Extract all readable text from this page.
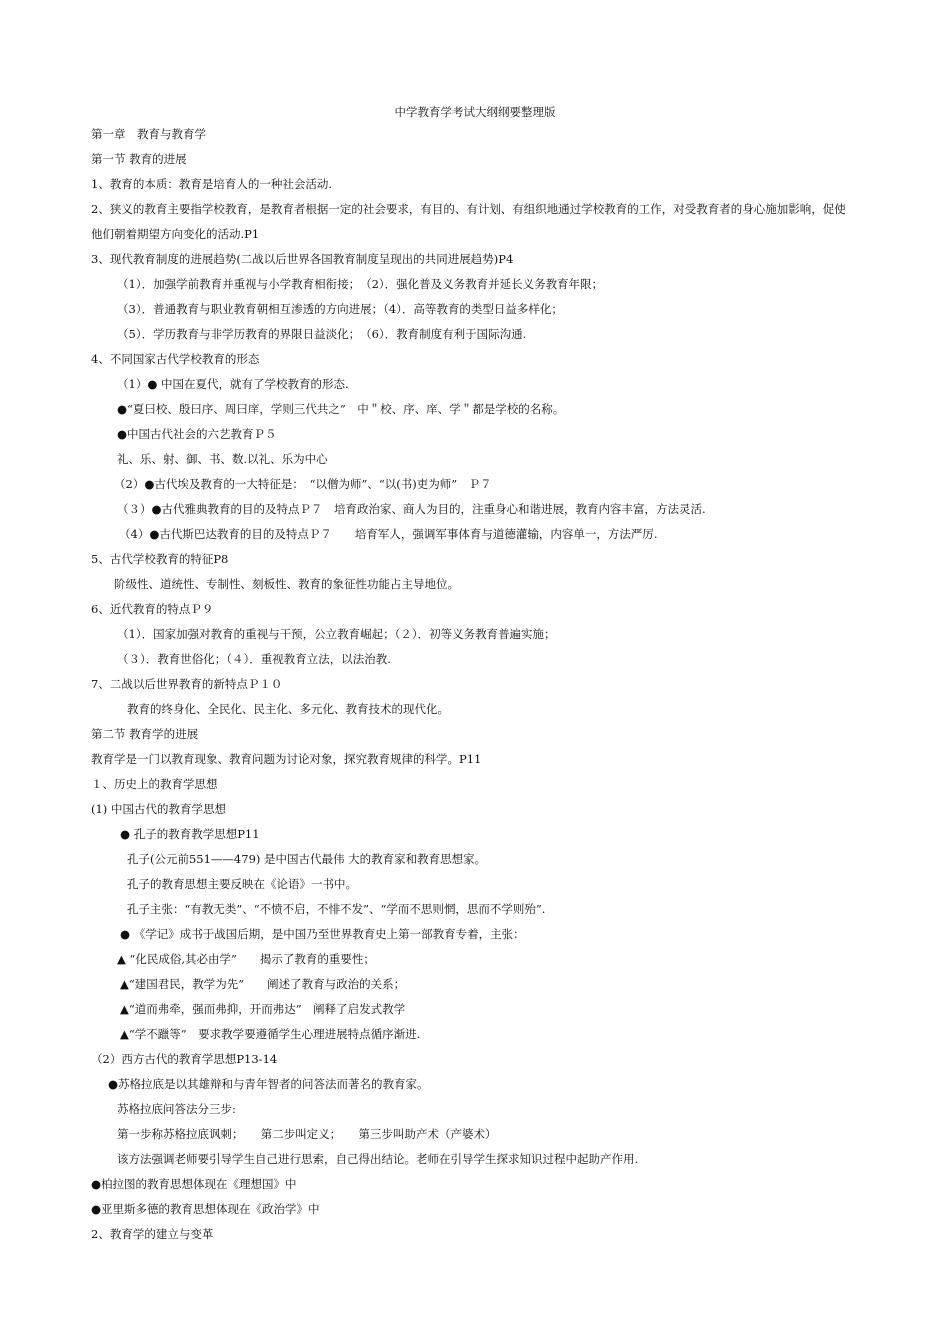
中学教育学考试大纲纲要整理版
第一章　教育与教育学
第一节 教育的进展
1、教育的本质：教育是培育人的一种社会活动.
2、狭义的教育主要指学校教育，是教育者根据一定的社会要求，有目的、有计划、有组织地通过学校教育的工作，对受教育者的身心施加影响，促使
他们朝着期望方向变化的活动.P1
3、现代教育制度的进展趋势(二战以后世界各国教育制度呈现出的共同进展趋势)P4
（1）．加强学前教育并重视与小学教育相衔接；　（2）．强化普及义务教育并延长义务教育年限；
（3）．普通教育与职业教育朝相互渗透的方向进展；（4）．高等教育的类型日益多样化；
（5）．学历教育与非学历教育的界限日益淡化；　（6）．教育制度有利于国际沟通.
4、不同国家古代学校教育的形态
（1）● 中国在夏代，就有了学校教育的形态.
●“夏曰校、殷曰序、周曰庠，学则三代共之”　中＂校、序、庠、学＂都是学校的名称。
●中国古代社会的六艺教育Ｐ５
礼、乐、射、御、书、数.以礼、乐为中心
（2）●古代埃及教育的一大特征是：　“以僧为师”、“以(书)吏为师”　Ｐ７
（３）●古代雅典教育的目的及特点Ｐ７　培育政治家、商人为目的，注重身心和谐进展，教育内容丰富，方法灵活.
（4）●古代斯巴达教育的目的及特点Ｐ７　　培育军人，强调军事体育与道德灌输，内容单一，方法严厉.
5、古代学校教育的特征P8
阶级性、道统性、专制性、刻板性、教育的象征性功能占主导地位。
6、近代教育的特点Ｐ９
（1）．国家加强对教育的重视与干预，公立教育崛起；（２）．初等义务教育普遍实施；
（３）．教育世俗化；（４）．重视教育立法，以法治教.
7、二战以后世界教育的新特点Ｐ１０
教育的终身化、全民化、民主化、多元化、教育技术的现代化。
第二节 教育学的进展
教育学是一门以教育现象、教育问题为讨论对象，探究教育规律的科学。P11
１、历史上的教育学思想
(1) 中国古代的教育学思想
● 孔子的教育教学思想P11
孔子(公元前551——479) 是中国古代最伟 大的教育家和教育思想家。
孔子的教育思想主要反映在《论语》一书中。
孔子主张：“有教无类”、“不愤不启，不悱不发”、“学而不思则惘，思而不学则殆”.
● 《学记》成书于战国后期，是中国乃至世界教育史上第一部教育专着，主张：
▲ “化民成俗,其必由学”　　揭示了教育的重要性；
▲“建国君民，教学为先”　　阐述了教育与政治的关系；
▲“道而弗牵，强而弗抑，开而弗达”　阐释了启发式教学
▲“学不躐等”　要求教学要遵循学生心理进展特点循序渐进.
（2）西方古代的教育学思想P13-14
●苏格拉底是以其雄辩和与青年智者的问答法而著名的教育家。
苏格拉底问答法分三步:
第一步称苏格拉底讽刺；　　第二步叫定义；　　第三步叫助产术（产婆术）
该方法强调老师要引导学生自己进行思索，自己得出结论。老师在引导学生探求知识过程中起助产作用.
●柏拉图的教育思想体现在《理想国》中
●亚里斯多德的教育思想体现在《政治学》中
2、教育学的建立与变革
